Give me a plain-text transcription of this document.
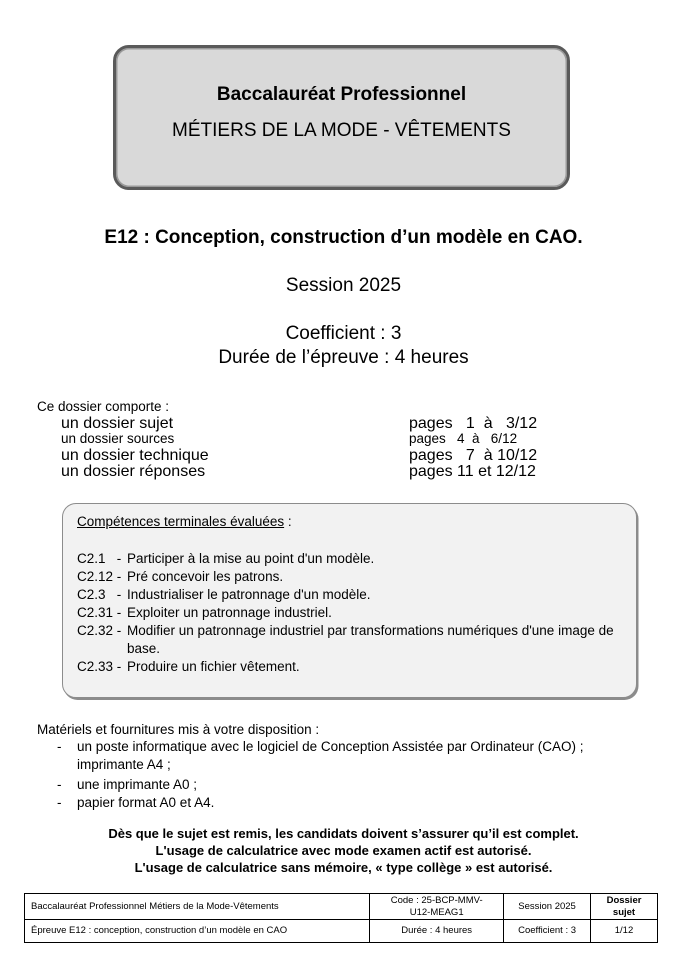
Baccalauréat Professionnel
MÉTIERS DE LA MODE - VÊTEMENTS
E12 : Conception, construction d’un modèle en CAO.
Session 2025
Coefficient : 3
Durée de l’épreuve : 4 heures
Ce dossier comporte :
un dossier sujet	pages   1  à   3/12
un dossier sources	pages   4  à   6/12
un dossier technique	pages   7  à 10/12
un dossier réponses	pages 11 et 12/12
Compétences terminales évaluées :
C2.1   - Participer à la mise au point d'un modèle.
C2.12 - Pré concevoir les patrons.
C2.3   - Industrialiser le patronnage d'un modèle.
C2.31 - Exploiter un patronnage industriel.
C2.32 - Modifier un patronnage industriel par transformations numériques d'une image de base.
C2.33 - Produire un fichier vêtement.
Matériels et fournitures mis à votre disposition :
- un poste informatique avec le logiciel de Conception Assistée par Ordinateur (CAO) ;
imprimante A4 ;
- une imprimante A0 ;
- papier format A0 et A4.
Dès que le sujet est remis, les candidats doivent s’assurer qu’il est complet.
L'usage de calculatrice avec mode examen actif est autorisé.
L'usage de calculatrice sans mémoire, « type collège » est autorisé.
Baccalauréat Professionnel Métiers de la Mode-Vêtements	Code : 25-BCP-MMV-U12-MEAG1	Session 2025	Dossier sujet
Épreuve E12 : conception, construction d’un modèle en CAO	Durée : 4 heures	Coefficient : 3	1/12
